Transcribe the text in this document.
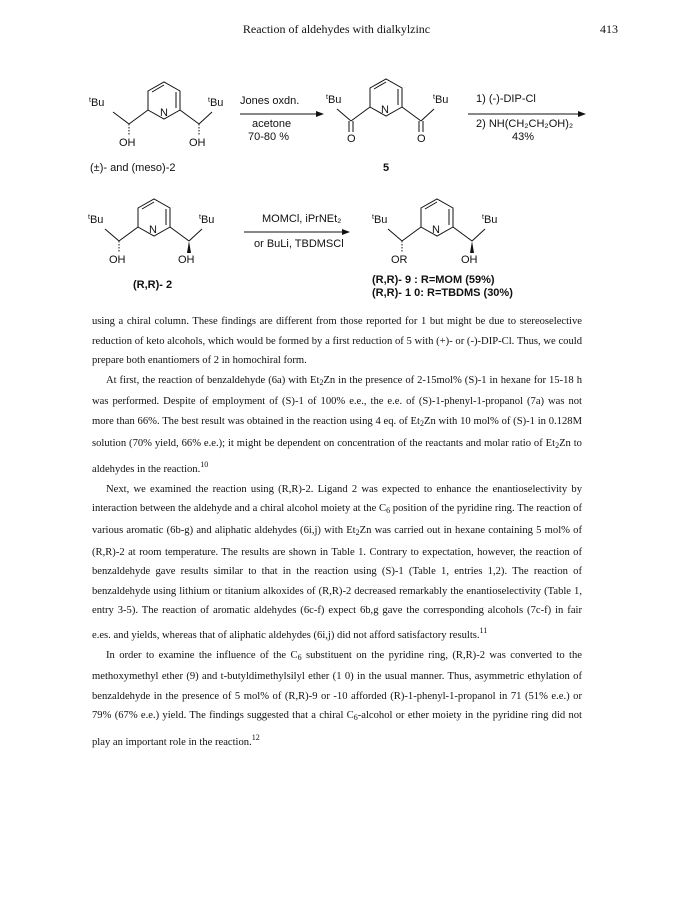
Reaction of aldehydes with dialkylzinc	413
$^t$Bu
N
$^t$Bu
OH	OH
(±)- and (meso)-2
Jones oxdn.
acetone
70-80 %
$^t$Bu
N
$^t$Bu
O	O
5
1) (-)-DIP-Cl
2) NH(CH₂CH₂OH)₂
43%
$^t$Bu
N
$^t$Bu
OH	OH
(R,R)- 2
MOMCl, iPrNEt₂
or BuLi, TBDMSCl
$^t$Bu
N
$^t$Bu
OR	OH
(R,R)- 9 : R=MOM (59%)
(R,R)- 1 0: R=TBDMS (30%)

using a chiral column. These findings are different from those reported for 1 but might be due to stereoselective reduction of keto alcohols, which would be formed by a first reduction of 5 with (+)- or (-)-DIP-Cl. Thus, we could prepare both enantiomers of 2 in homochiral form.

At first, the reaction of benzaldehyde (6a) with $Et_2Zn$ in the presence of 2-15mol% (S)-1 in hexane for 15-18 h was performed. Despite of employment of (S)-1 of 100% e.e., the e.e. of (S)-1-phenyl-1-propanol (7a) was not more than 66%. The best result was obtained in the reaction using 4 eq. of $Et_2Zn$ with 10 mol% of (S)-1 in 0.128M solution (70% yield, 66% e.e.); it might be dependent on concentration of the reactants and molar ratio of $Et_2Zn$ to aldehydes in the reaction.$^{10}$

Next, we examined the reaction using (R,R)-2. Ligand 2 was expected to enhance the enantioselectivity by interaction between the aldehyde and a chiral alcohol moiety at the $C_6$ position of the pyridine ring. The reaction of various aromatic (6b-g) and aliphatic aldehydes (6i,j) with $Et_2Zn$ was carried out in hexane containing 5 mol% of (R,R)-2 at room temperature. The results are shown in Table 1. Contrary to expectation, however, the reaction of benzaldehyde gave results similar to that in the reaction using (S)-1 (Table 1, entries 1,2). The reaction of benzaldehyde using lithium or titanium alkoxides of (R,R)-2 decreased remarkably the enantioselectivity (Table 1, entry 3-5). The reaction of aromatic aldehydes (6c-f) expect 6b,g gave the corresponding alcohols (7c-f) in fair e.es. and yields, whereas that of aliphatic aldehydes (6i,j) did not afford satisfactory results.$^{11}$

In order to examine the influence of the $C_6$ substituent on the pyridine ring, (R,R)-2 was converted to the methoxymethyl ether (9) and t-butyldimethylsilyl ether (1 0) in the usual manner. Thus, asymmetric ethylation of benzaldehyde in the presence of 5 mol% of (R,R)-9 or -10 afforded (R)-1-phenyl-1-propanol in 71 (51% e.e.) or 79% (67% e.e.) yield. The findings suggested that a chiral $C_6$-alcohol or ether moiety in the pyridine ring did not play an important role in the reaction.$^{12}$
